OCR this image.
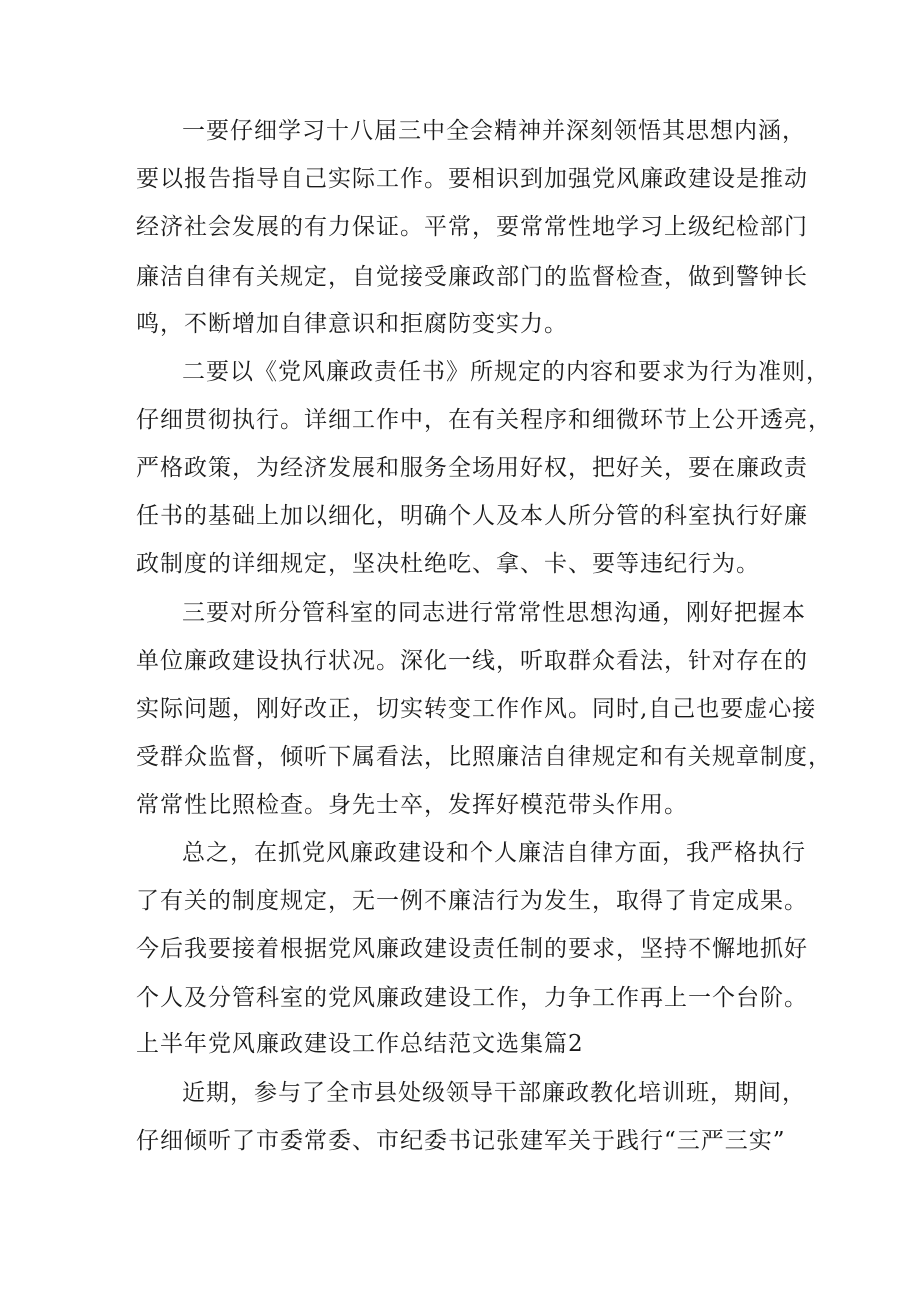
一要仔细学习十八届三中全会精神并深刻领悟其思想内涵，
要以报告指导自己实际工作。要相识到加强党风廉政建设是推动
经济社会发展的有力保证。平常，要常常性地学习上级纪检部门
廉洁自律有关规定，自觉接受廉政部门的监督检查，做到警钟长
鸣，不断增加自律意识和拒腐防变实力。
二要以《党风廉政责任书》所规定的内容和要求为行为准则，
仔细贯彻执行。详细工作中，在有关程序和细微环节上公开透亮，
严格政策，为经济发展和服务全场用好权，把好关，要在廉政责
任书的基础上加以细化，明确个人及本人所分管的科室执行好廉
政制度的详细规定，坚决杜绝吃、拿、卡、要等违纪行为。
三要对所分管科室的同志进行常常性思想沟通，刚好把握本
单位廉政建设执行状况。深化一线，听取群众看法，针对存在的
实际问题，刚好改正，切实转变工作作风。同时,自己也要虚心接
受群众监督，倾听下属看法，比照廉洁自律规定和有关规章制度，
常常性比照检查。身先士卒，发挥好模范带头作用。
总之，在抓党风廉政建设和个人廉洁自律方面，我严格执行
了有关的制度规定，无一例不廉洁行为发生，取得了肯定成果。
今后我要接着根据党风廉政建设责任制的要求，坚持不懈地抓好
个人及分管科室的党风廉政建设工作，力争工作再上一个台阶。
上半年党风廉政建设工作总结范文选集篇2
近期，参与了全市县处级领导干部廉政教化培训班，期间，
仔细倾听了市委常委、市纪委书记张建军关于践行“三严三实”
